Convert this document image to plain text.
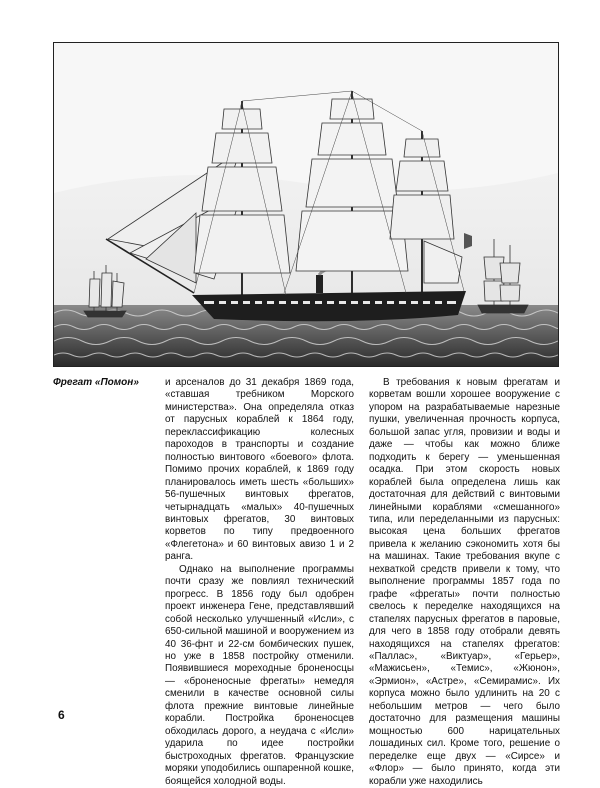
Фрегат «Помон»	и арсеналов до 31 декабря 1869 года, «ставшая требником Морского министерства». Она определяла отказ от парусных кораблей к 1864 году, перекласcификацию колесных пароходов в транспорты и создание полностью винтового «боевого» флота. Помимо прочих кораблей, к 1869 году планировалось иметь шесть «больших» 56-пушечных винтовых фрегатов, четырнадцать «малых» 40-пушечных винтовых фрегатов, 30 винтовых корветов по типу предвоенного «Флегетона» и 60 винтовых авизо 1 и 2 ранга.

Однако на выполнение программы почти сразу же повлиял технический прогресс. В 1856 году был одобрен проект инженера Гене, представлявший собой несколько улучшенный «Исли», с 650-сильной машиной и вооружением из 40 36-фнт и 22-см бомбических пушек, но уже в 1858 постройку отменили. Появившиеся мореходные броненосцы — «броненосные фрегаты» немедля сменили в качестве основной силы флота прежние винтовые линейные корабли. Постройка броненосцев обходилась дорого, а неудача с «Исли» ударила по идее постройки быстроходных фрегатов. Французские моряки уподобились ошпаренной кошке, боящейся холодной воды.

В требования к новым фрегатам и корветам вошли хорошее вооружение с упором на разрабатываемые нарезные пушки, увеличенная прочность корпуса, большой запас угля, провизии и воды и даже — чтобы как можно ближе подходить к берегу — уменьшенная осадка. При этом скорость новых кораблей была определена лишь как достаточная для действий с винтовыми линейными кораблями «смешанного» типа, или переделанными из парусных: высокая цена больших фрегатов привела к желанию сэкономить хотя бы на машинах. Такие требования вкупе с нехваткой средств привели к тому, что выполнение программы 1857 года по графе «фрегаты» почти полностью свелось к переделке находящихся на стапелях парусных фрегатов в паровые, для чего в 1858 году отобрали девять находящихся на стапелях фрегатов: «Паллас», «Виктуар», «Герьер», «Мажисьен», «Темис», «Жюнон», «Эрмион», «Астре», «Семирамис». Их корпуса можно было удлинить на 20 с небольшим метров — чего было достаточно для размещения машины мощностью 600 нарицательных лошадиных сил. Кроме того, решение о переделке еще двух — «Сирсе» и «Флор» — было принято, когда эти корабли уже находились

6
